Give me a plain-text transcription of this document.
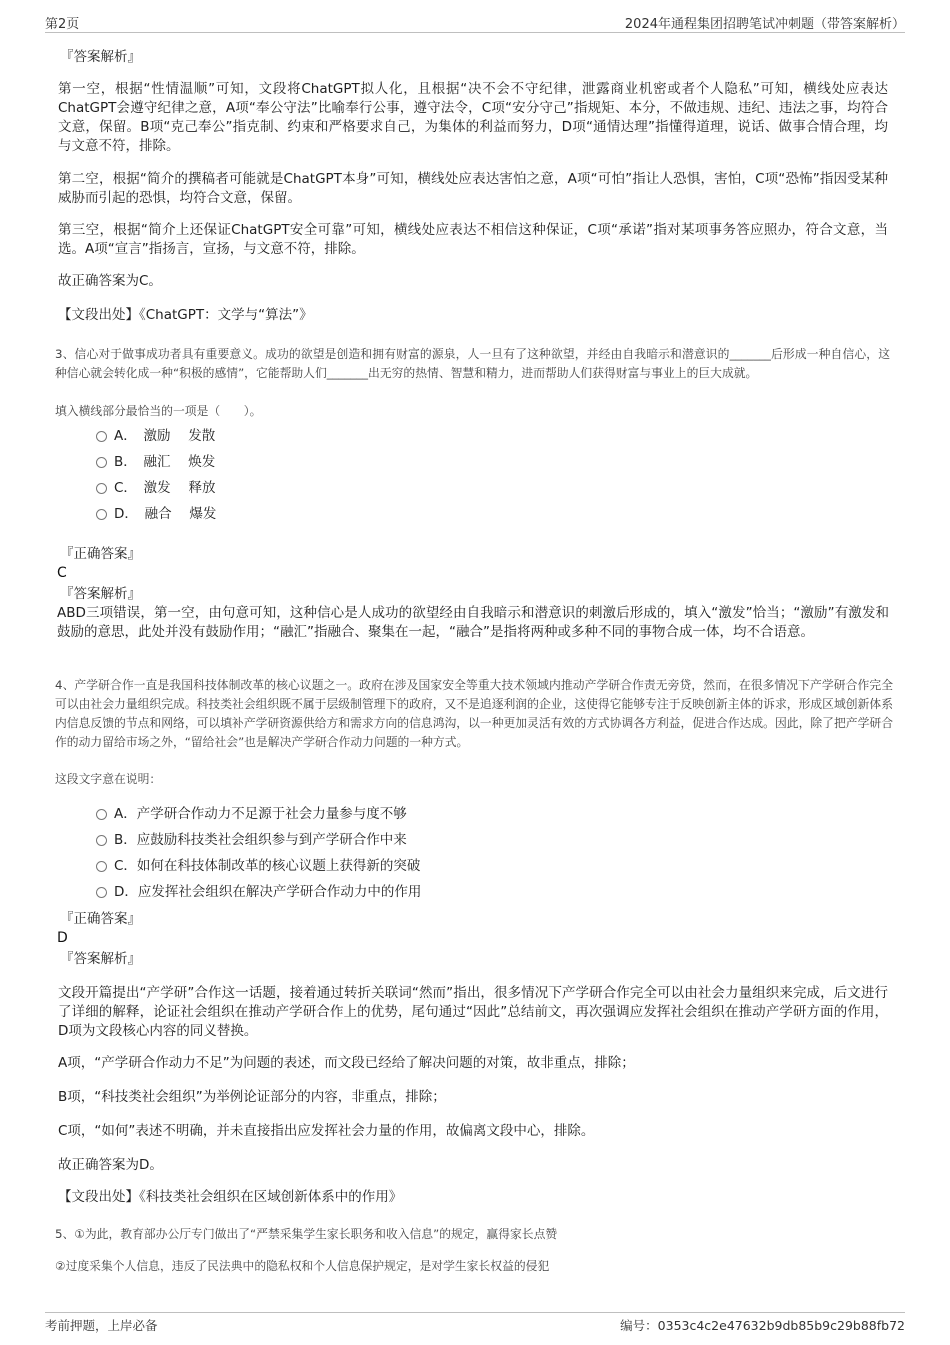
第2页	2024年通程集团招聘笔试冲刺题（带答案解析）
『答案解析』

第一空，根据“性情温顺”可知，文段将ChatGPT拟人化，且根据“决不会不守纪律，泄露商业机密或者个人隐私”可知，横线处应表达ChatGPT会遵守纪律之意，A项“奉公守法”比喻奉行公事，遵守法令，C项“安分守己”指规矩、本分，不做违规、违纪、违法之事，均符合文意，保留。B项“克己奉公”指克制、约束和严格要求自己，为集体的利益而努力，D项“通情达理”指懂得道理，说话、做事合情合理，均与文意不符，排除。

第二空，根据“简介的撰稿者可能就是ChatGPT本身”可知，横线处应表达害怕之意，A项“可怕”指让人恐惧，害怕，C项“恐怖”指因受某种威胁而引起的恐惧，均符合文意，保留。

第三空，根据“简介上还保证ChatGPT安全可靠”可知，横线处应表达不相信这种保证，C项“承诺”指对某项事务答应照办，符合文意，当选。A项“宣言”指扬言，宣扬，与文意不符，排除。

故正确答案为C。

【文段出处】《ChatGPT：文学与“算法”》

3、信心对于做事成功者具有重要意义。成功的欲望是创造和拥有财富的源泉，人一旦有了这种欲望，并经由自我暗示和潜意识的_______后形成一种自信心，这种信心就会转化成一种“积极的感情”，它能帮助人们_______出无穷的热情、智慧和精力，进而帮助人们获得财富与事业上的巨大成就。

填入横线部分最恰当的一项是（　　）。

A．　激励　 发散
B．　融汇　 焕发
C．　激发　 释放
D．　融合　 爆发
『正确答案』
C
『答案解析』

ABD三项错误，第一空，由句意可知，这种信心是人成功的欲望经由自我暗示和潜意识的刺激后形成的，填入“激发”恰当；“激励”有激发和鼓励的意思，此处并没有鼓励作用；“融汇”指融合、聚集在一起，“融合”是指将两种或多种不同的事物合成一体，均不合语意。

4、产学研合作一直是我国科技体制改革的核心议题之一。政府在涉及国家安全等重大技术领域内推动产学研合作责无旁贷，然而，在很多情况下产学研合作完全可以由社会力量组织完成。科技类社会组织既不属于层级制管理下的政府，又不是追逐利润的企业，这使得它能够专注于反映创新主体的诉求，形成区域创新体系内信息反馈的节点和网络，可以填补产学研资源供给方和需求方向的信息鸿沟，以一种更加灵活有效的方式协调各方利益，促进合作达成。因此，除了把产学研合作的动力留给市场之外，“留给社会”也是解决产学研合作动力问题的一种方式。

这段文字意在说明：

A．产学研合作动力不足源于社会力量参与度不够
B．应鼓励科技类社会组织参与到产学研合作中来
C．如何在科技体制改革的核心议题上获得新的突破
D．应发挥社会组织在解决产学研合作动力中的作用
『正确答案』
D
『答案解析』

文段开篇提出“产学研”合作这一话题，接着通过转折关联词“然而”指出，很多情况下产学研合作完全可以由社会力量组织来完成，后文进行了详细的解释，论证社会组织在推动产学研合作上的优势，尾句通过“因此”总结前文，再次强调应发挥社会组织在推动产学研方面的作用，D项为文段核心内容的同义替换。

A项，“产学研合作动力不足”为问题的表述，而文段已经给了解决问题的对策，故非重点，排除；

B项，“科技类社会组织”为举例论证部分的内容，非重点，排除；

C项，“如何”表述不明确，并未直接指出应发挥社会力量的作用，故偏离文段中心，排除。

故正确答案为D。

【文段出处】《科技类社会组织在区域创新体系中的作用》

5、①为此，教育部办公厅专门做出了“严禁采集学生家长职务和收入信息”的规定，赢得家长点赞

②过度采集个人信息，违反了民法典中的隐私权和个人信息保护规定，是对学生家长权益的侵犯

考前押题，上岸必备	编号：0353c4c2e47632b9db85b9c29b88fb72
